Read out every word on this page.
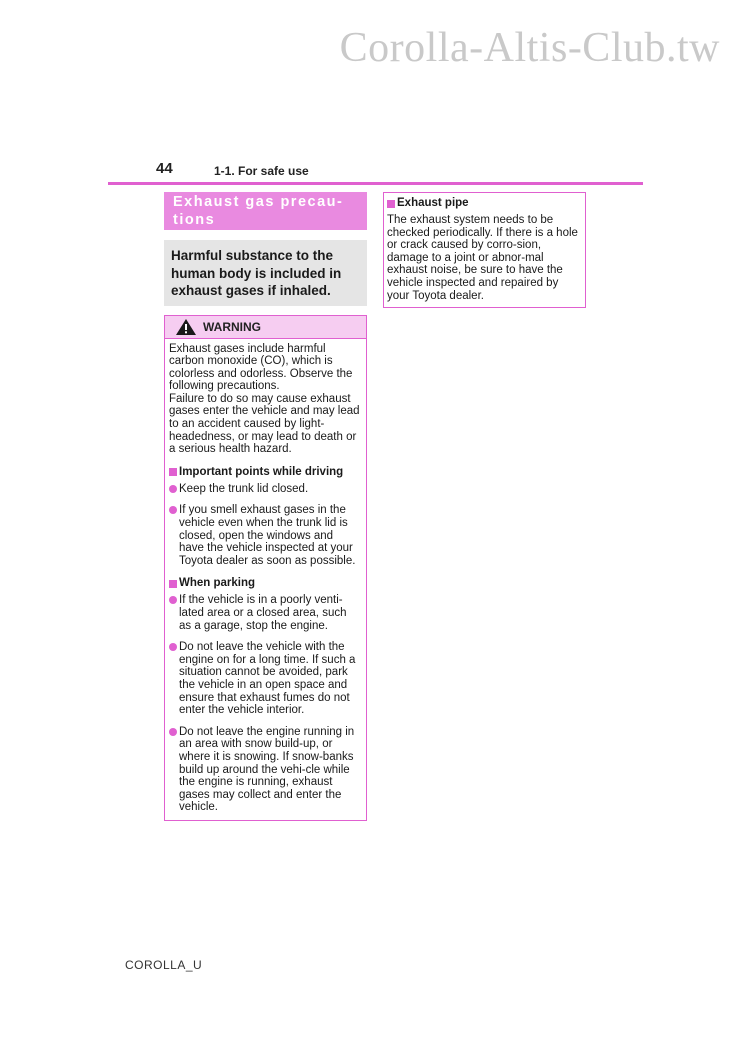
Corolla-Altis-Club.tw
44	1-1. For safe use
Exhaust gas precau-
tions
Harmful substance to the human body is included in exhaust gases if inhaled.
WARNING

Exhaust gases include harmful carbon monoxide (CO), which is colorless and odorless. Observe the following precautions.

Failure to do so may cause exhaust gases enter the vehicle and may lead to an accident caused by light-headedness, or may lead to death or a serious health hazard.

Important points while driving
Keep the trunk lid closed.
If you smell exhaust gases in the vehicle even when the trunk lid is closed, open the windows and have the vehicle inspected at your Toyota dealer as soon as possible.
When parking
If the vehicle is in a poorly venti-lated area or a closed area, such as a garage, stop the engine.
Do not leave the vehicle with the engine on for a long time. If such a situation cannot be avoided, park the vehicle in an open space and ensure that exhaust fumes do not enter the vehicle interior.
Do not leave the engine running in an area with snow build-up, or where it is snowing. If snow-banks build up around the vehi-cle while the engine is running, exhaust gases may collect and enter the vehicle.
Exhaust pipe

The exhaust system needs to be checked periodically. If there is a hole or crack caused by corro-sion, damage to a joint or abnor-mal exhaust noise, be sure to have the vehicle inspected and repaired by your Toyota dealer.

COROLLA_U
